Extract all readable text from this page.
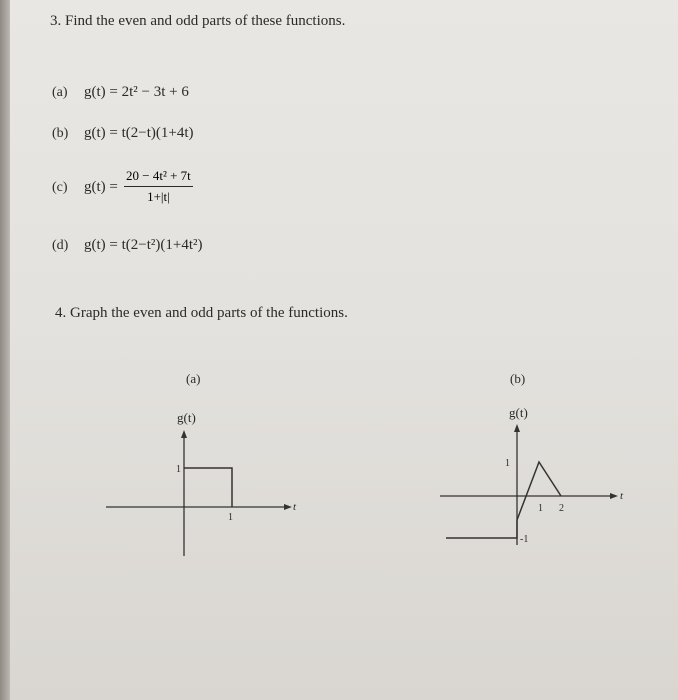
3. Find the even and odd parts of these functions.
(a) g(t) = 2t² − 3t + 6
(b) g(t) = t(2−t)(1+4t)
(c) $g(t) = \frac{\text{20 − 4t² + 7t}}{1+|t|}$
(d) g(t) = t(2−t²)(1+4t²)
4. Graph the even and odd parts of the functions.
(a)
g(t)
t
1
1
(b)
g(t)
t
1
-1
1 2
